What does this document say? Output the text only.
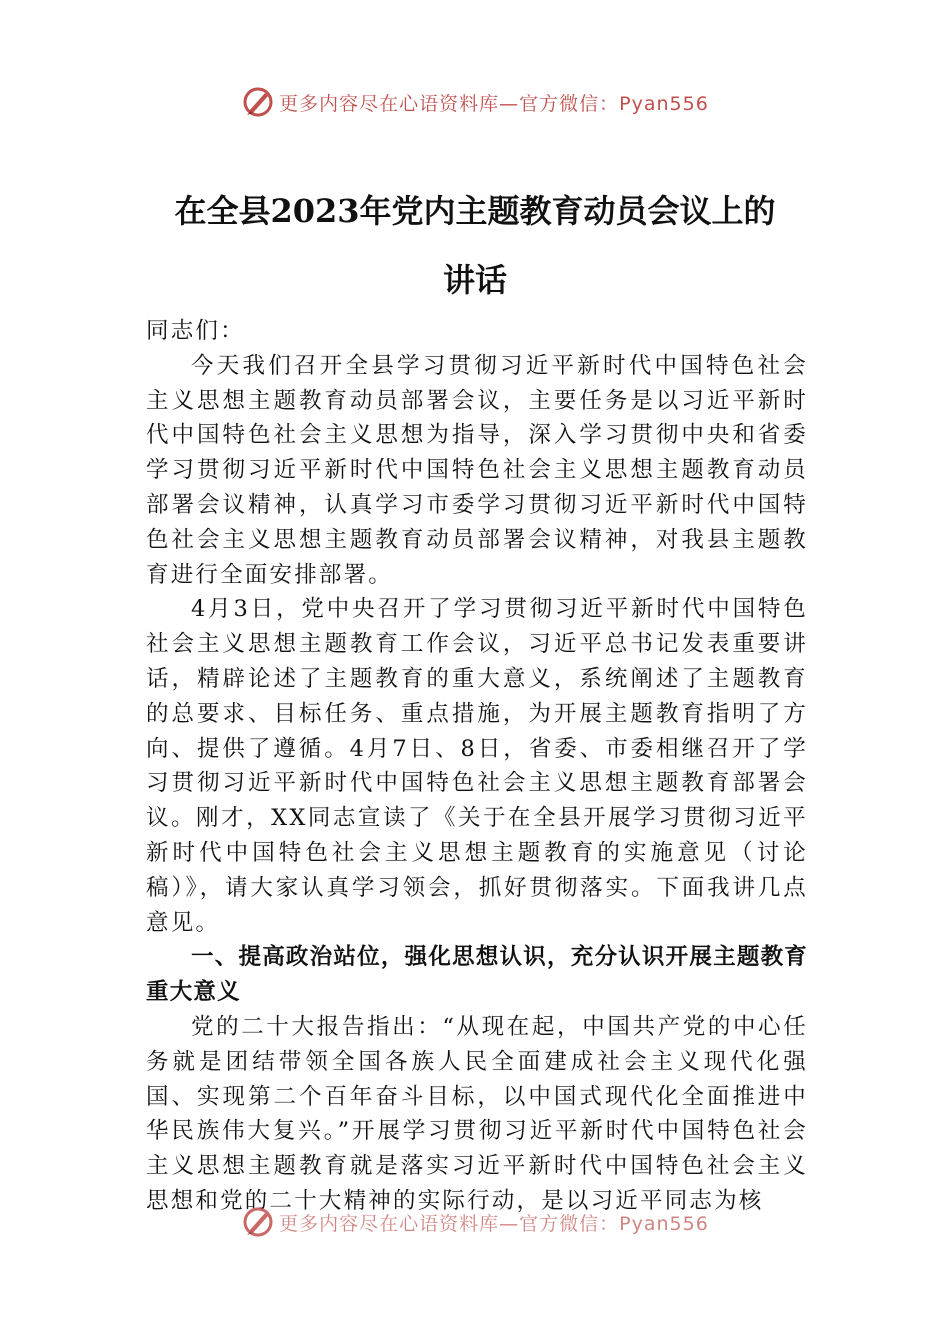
更多内容尽在心语资料库—官方微信：Pyan556
在全县2023年党内主题教育动员会议上的
讲话

同志们：

今天我们召开全县学习贯彻习近平新时代中国特色社会主义思想主题教育动员部署会议，主要任务是以习近平新时代中国特色社会主义思想为指导，深入学习贯彻中央和省委学习贯彻习近平新时代中国特色社会主义思想主题教育动员部署会议精神，认真学习市委学习贯彻习近平新时代中国特色社会主义思想主题教育动员部署会议精神，对我县主题教育进行全面安排部署。

4月3日，党中央召开了学习贯彻习近平新时代中国特色社会主义思想主题教育工作会议，习近平总书记发表重要讲话，精辟论述了主题教育的重大意义，系统阐述了主题教育的总要求、目标任务、重点措施，为开展主题教育指明了方向、提供了遵循。4月7日、8日，省委、市委相继召开了学习贯彻习近平新时代中国特色社会主义思想主题教育部署会议。刚才，XX同志宣读了《关于在全县开展学习贯彻习近平新时代中国特色社会主义思想主题教育的实施意见（讨论稿）》，请大家认真学习领会，抓好贯彻落实。下面我讲几点意见。

一、提高政治站位，强化思想认识，充分认识开展主题教育重大意义

党的二十大报告指出：“从现在起，中国共产党的中心任务就是团结带领全国各族人民全面建成社会主义现代化强国、实现第二个百年奋斗目标，以中国式现代化全面推进中华民族伟大复兴。”开展学习贯彻习近平新时代中国特色社会主义思想主题教育就是落实习近平新时代中国特色社会主义思想和党的二十大精神的实际行动，是以习近平同志为核

更多内容尽在心语资料库—官方微信：Pyan556
